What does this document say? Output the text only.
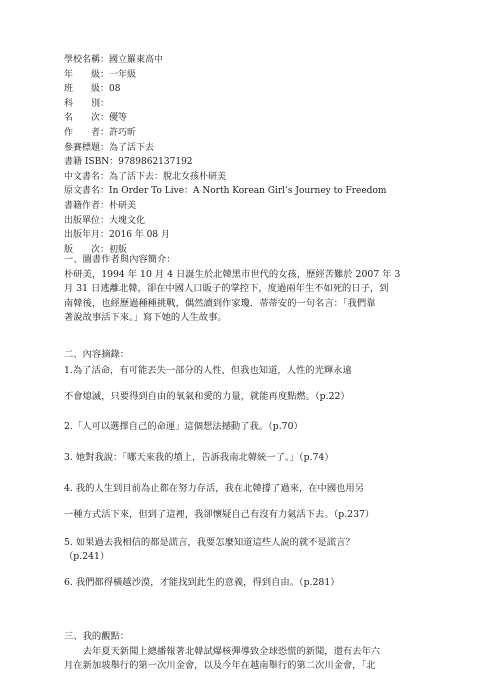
學校名稱 ： 國立羅東高中
年　　級 ： 一年級
班　　級 ： 08
科　　別 ：
名　　次 ： 優等
作　　者 ： 許巧昕
參賽標題 ： 為了活下去
書籍 ISBN ： 9789862137192
中文書名 ： 為了活下去：脫北女孩朴研美
原文書名 ： In Order To Live：A North Korean Girl’s Journey to Freedom
書籍作者 ： 朴研美
出版單位 ： 大塊文化
出版年月 ： 2016 年 08 月
版　　次 ： 初版
一、圖書作者與內容簡介：
朴研美，1994 年 10 月 4 日誕生於北韓黑市世代的女孩，歷經苦難於 2007 年 3
月 31 日逃離北韓，卻在中國人口販子的掌控下，度過兩年生不如死的日子，到
南韓後，也經歷過種種挑戰，偶然讀到作家瓊．蒂蒂安的一句名言：「我們靠
著說故事活下來。」寫下她的人生故事。
二、內容摘錄：
1.為了活命，有可能丟失一部分的人性，但我也知道，人性的光輝永遠
不會熄滅，只要得到自由的氧氣和愛的力量，就能再度點燃。（p.22）
2.「人可以選擇自己的命運」這個想法撼動了我。（p.70）
3. 她對我說：「哪天來我的墳上，告訴我南北韓統一了。」（p.74）
4. 我的人生到目前為止都在努力存活，我在北韓撐了過來，在中國也用另
一種方式活下來，但到了這裡，我卻懷疑自己有沒有力氣活下去。（p.237）
5. 如果過去我相信的都是謊言，我要怎麼知道這些人說的就不是謊言？
（p.241）
6. 我們都得橫越沙漠，才能找到此生的意義，得到自由。（p.281）
三、我的觀點：
去年夏天新聞上總播報著北韓試爆核彈導致全球恐慌的新聞，還有去年六
月在新加坡舉行的第一次川金會，以及今年在越南舉行的第二次川金會，「北
